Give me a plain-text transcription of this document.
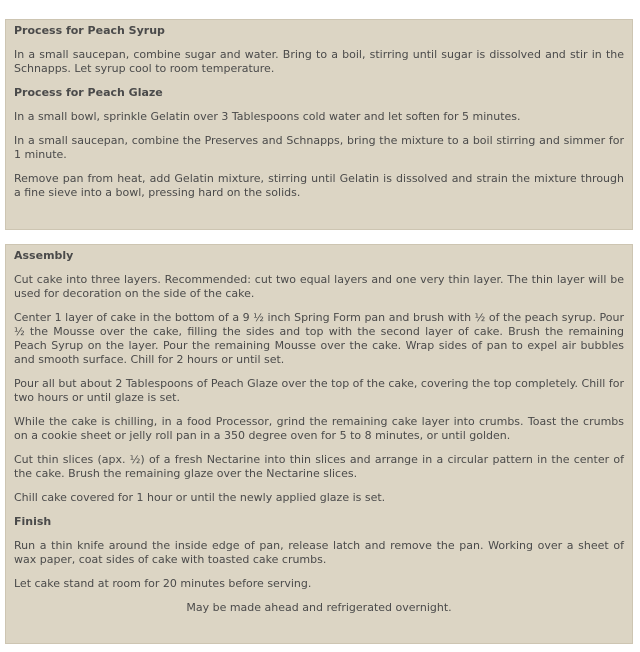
Process for Peach Syrup
In a small saucepan, combine sugar and water. Bring to a boil, stirring until sugar is dissolved and stir in the Schnapps. Let syrup cool to room temperature.
Process for Peach Glaze
In a small bowl, sprinkle Gelatin over 3 Tablespoons cold water and let soften for 5 minutes.
In a small saucepan, combine the Preserves and Schnapps, bring the mixture to a boil stirring and simmer for 1 minute.
Remove pan from heat, add Gelatin mixture, stirring until Gelatin is dissolved and strain the mixture through a fine sieve into a bowl, pressing hard on the solids.
Assembly
Cut cake into three layers. Recommended: cut two equal layers and one very thin layer. The thin layer will be used for decoration on the side of the cake.
Center 1 layer of cake in the bottom of a 9 ½ inch Spring Form pan and brush with ½ of the peach syrup. Pour ½ the Mousse over the cake, filling the sides and top with the second layer of cake. Brush the remaining Peach Syrup on the layer. Pour the remaining Mousse over the cake. Wrap sides of pan to expel air bubbles and smooth surface. Chill for 2 hours or until set.
Pour all but about 2 Tablespoons of Peach Glaze over the top of the cake, covering the top completely. Chill for two hours or until glaze is set.
While the cake is chilling, in a food Processor, grind the remaining cake layer into crumbs. Toast the crumbs on a cookie sheet or jelly roll pan in a 350 degree oven for 5 to 8 minutes, or until golden.
Cut thin slices (apx. ½) of a fresh Nectarine into thin slices and arrange in a circular pattern in the center of the cake. Brush the remaining glaze over the Nectarine slices.
Chill cake covered for 1 hour or until the newly applied glaze is set.
Finish
Run a thin knife around the inside edge of pan, release latch and remove the pan. Working over a sheet of wax paper, coat sides of cake with toasted cake crumbs.
Let cake stand at room for 20 minutes before serving.
May be made ahead and refrigerated overnight.
